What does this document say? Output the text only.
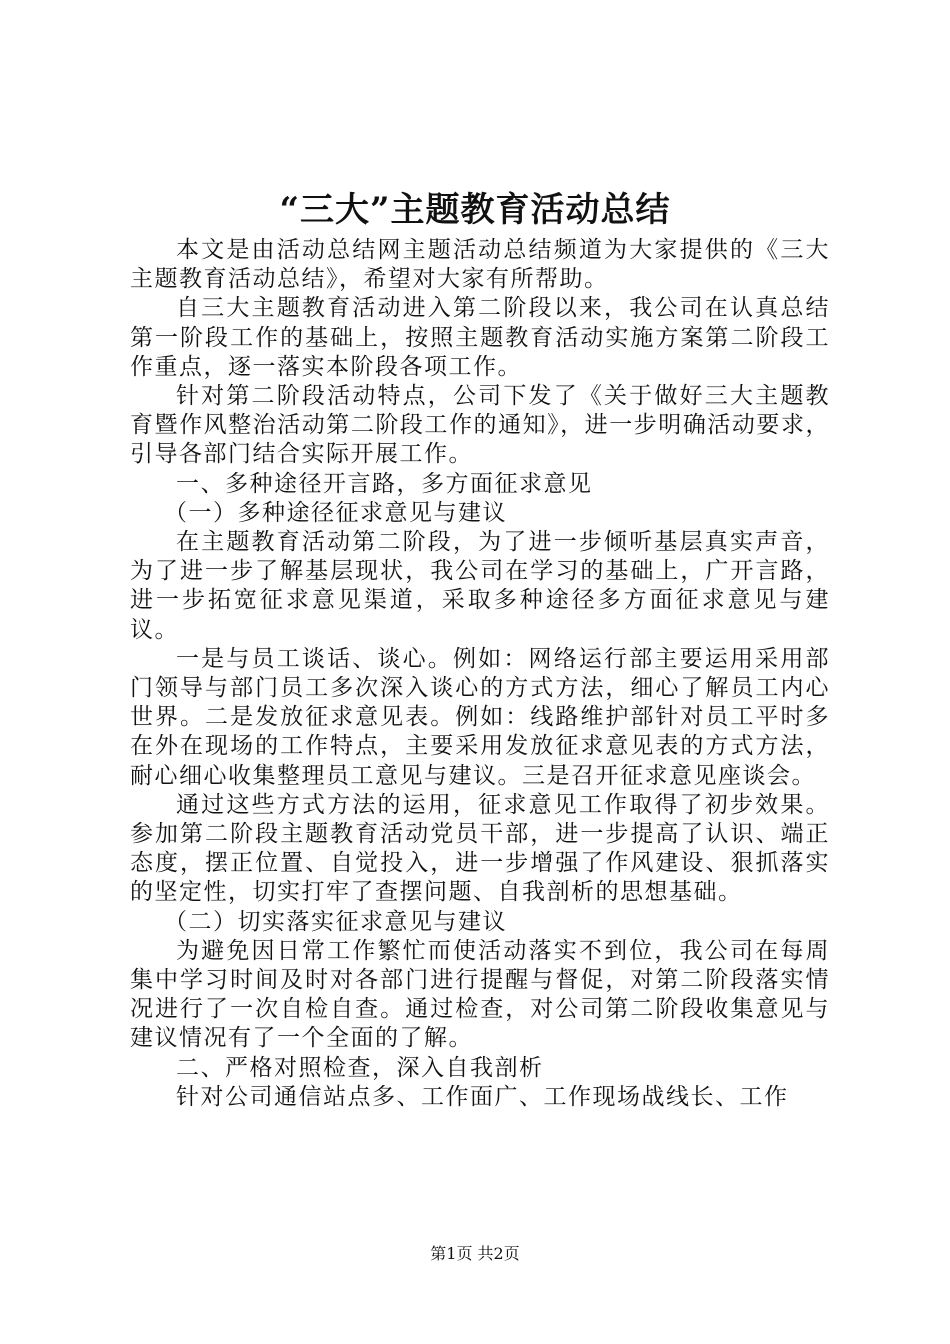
“三大”主题教育活动总结

本文是由活动总结网主题活动总结频道为大家提供的《三大主题教育活动总结》，希望对大家有所帮助。

自三大主题教育活动进入第二阶段以来，我公司在认真总结第一阶段工作的基础上，按照主题教育活动实施方案第二阶段工作重点，逐一落实本阶段各项工作。

针对第二阶段活动特点，公司下发了《关于做好三大主题教育暨作风整治活动第二阶段工作的通知》，进一步明确活动要求，引导各部门结合实际开展工作。

一、多种途径开言路，多方面征求意见

（一）多种途径征求意见与建议

在主题教育活动第二阶段，为了进一步倾听基层真实声音，为了进一步了解基层现状，我公司在学习的基础上，广开言路，进一步拓宽征求意见渠道，采取多种途径多方面征求意见与建议。

一是与员工谈话、谈心。例如：网络运行部主要运用采用部门领导与部门员工多次深入谈心的方式方法，细心了解员工内心世界。二是发放征求意见表。例如：线路维护部针对员工平时多在外在现场的工作特点，主要采用发放征求意见表的方式方法，耐心细心收集整理员工意见与建议。三是召开征求意见座谈会。

通过这些方式方法的运用，征求意见工作取得了初步效果。参加第二阶段主题教育活动党员干部，进一步提高了认识、端正态度，摆正位置、自觉投入，进一步增强了作风建设、狠抓落实的坚定性，切实打牢了查摆问题、自我剖析的思想基础。

（二）切实落实征求意见与建议

为避免因日常工作繁忙而使活动落实不到位，我公司在每周集中学习时间及时对各部门进行提醒与督促，对第二阶段落实情况进行了一次自检自查。通过检查，对公司第二阶段收集意见与建议情况有了一个全面的了解。

二、严格对照检查，深入自我剖析

针对公司通信站点多、工作面广、工作现场战线长、工作

第1页 共2页
